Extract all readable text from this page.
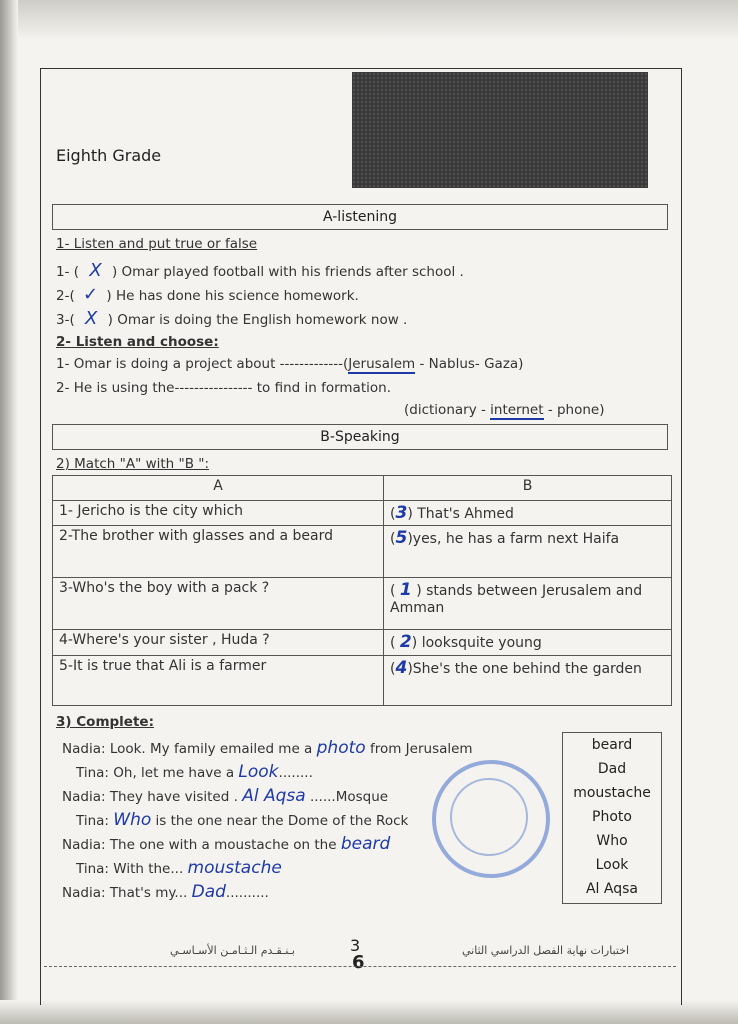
Eighth Grade
A-listening
1- Listen and put true or false
1- ( X ) Omar played football with his friends after school .
2-( ✓ ) He has done his science homework.
3-( X ) Omar is doing the English homework now .
2- Listen and choose:
1- Omar is doing a project about -------------(Jerusalem - Nablus- Gaza)
2- He is using the---------------- to find in formation.
(dictionary - internet - phone)
B-Speaking
2) Match "A" with "B ":
A	B
1- Jericho is the city which	(3) That's Ahmed
2-The brother with glasses and a beard	(5)yes, he has a farm next Haifa
3-Who's the boy with a pack ?	( 1 ) stands between Jerusalem and Amman
4-Where's your sister , Huda ?	( 2) looksquite young
5-It is true that Ali is a farmer	(4)She's the one behind the garden
3) Complete:
Nadia: Look. My family emailed me a photo from Jerusalem
Tina: Oh, let me have a Look........
Nadia: They have visited . Al Aqsa ......Mosque
Tina: Who is the one near the Dome of the Rock
Nadia: The one with a moustache on the beard
Tina: With the... moustache
Nadia: That's my... Dad..........
beard
Dad
moustache
Photo
Who
Look
Al Aqsa
3
6
اختبارات نهاية الفصل الدراسي الثاني
بـنـقـدم الـثـامـن الأسـاسـي
